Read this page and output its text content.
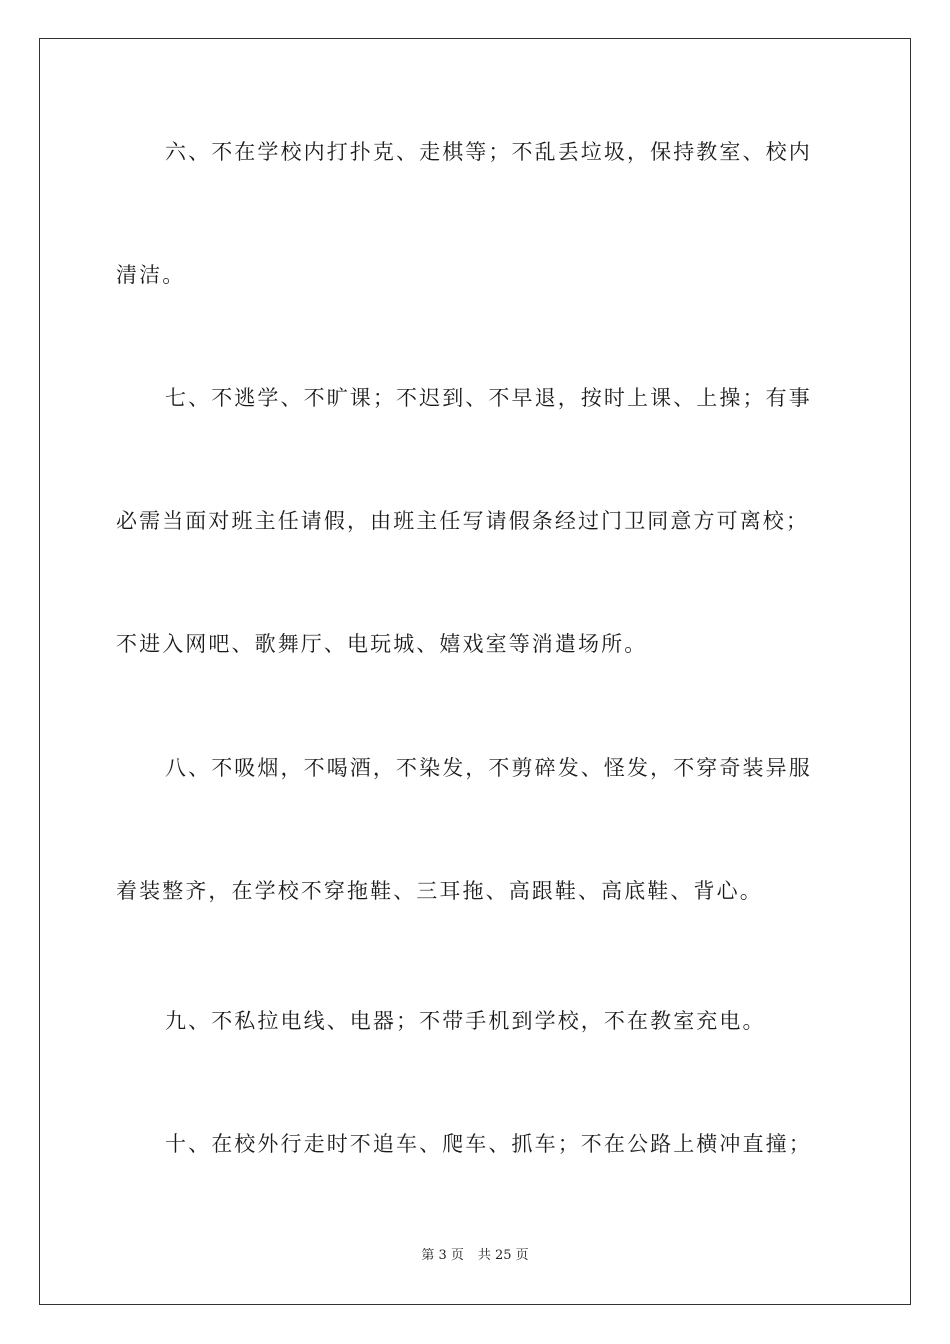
六、不在学校内打扑克、走棋等；不乱丢垃圾，保持教室、校内
清洁。
七、不逃学、不旷课；不迟到、不早退，按时上课、上操；有事
必需当面对班主任请假，由班主任写请假条经过门卫同意方可离校；
不进入网吧、歌舞厅、电玩城、嬉戏室等消遣场所。
八、不吸烟，不喝酒，不染发，不剪碎发、怪发，不穿奇装异服
着装整齐，在学校不穿拖鞋、三耳拖、高跟鞋、高底鞋、背心。
九、不私拉电线、电器；不带手机到学校，不在教室充电。
十、在校外行走时不追车、爬车、抓车；不在公路上横冲直撞；
第 3 页 共 25 页
